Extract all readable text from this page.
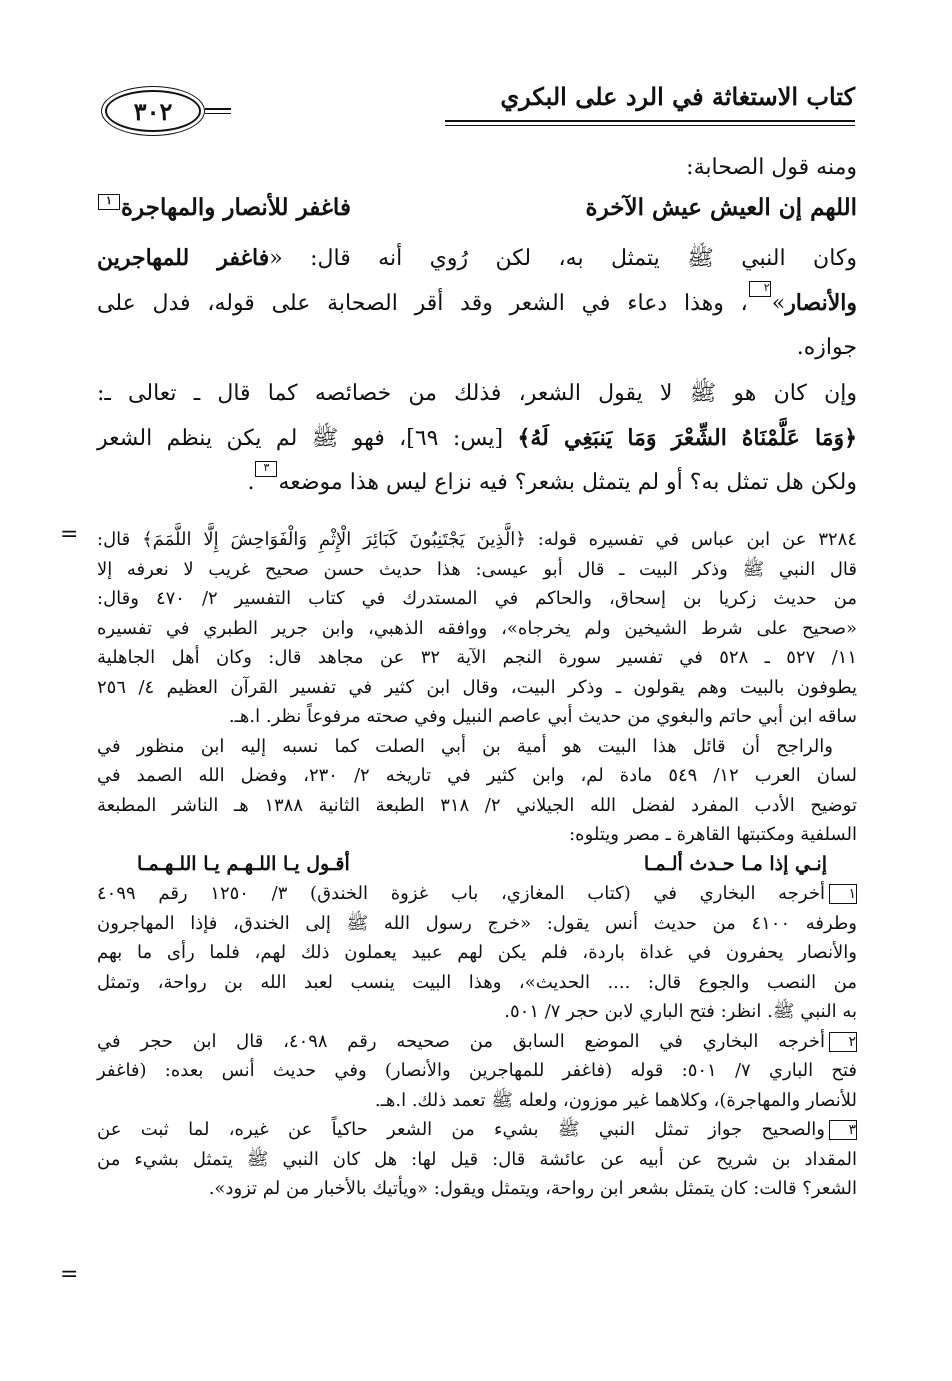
كتاب الاستغاثة في الرد على البكري
٣٠٢
ومنه قول الصحابة:
اللهم إن العيش عيش الآخرة
فاغفر للأنصار والمهاجرة١
وكان النبي ﷺ يتمثل به، لكن رُوي أنه قال: «فاغفر للمهاجرين
والأنصار»٢، وهذا دعاء في الشعر وقد أقر الصحابة على قوله، فدل على
جوازه.
وإن كان هو ﷺ لا يقول الشعر، فذلك من خصائصه كما قال ـ تعالى ـ:
﴿وَمَا عَلَّمْنَاهُ الشِّعْرَ وَمَا يَنبَغِي لَهُ﴾ [يس: ٦٩]، فهو ﷺ لم يكن ينظم الشعر
ولكن هل تمثل به؟ أو لم يتمثل بشعر؟ فيه نزاع ليس هذا موضعه٣.
= ٣٢٨٤ عن ابن عباس في تفسيره قوله: ﴿الَّذِينَ يَجْتَنِبُونَ كَبَائِرَ الْإِثْمِ وَالْفَوَاحِشَ إِلَّا اللَّمَمَ﴾ قال:
قال النبي ﷺ وذكر البيت ـ قال أبو عيسى: هذا حديث حسن صحيح غريب لا نعرفه إلا
من حديث زكريا بن إسحاق، والحاكم في المستدرك في كتاب التفسير ٢/ ٤٧٠ وقال:
«صحيح على شرط الشيخين ولم يخرجاه»، ووافقه الذهبي، وابن جرير الطبري في تفسيره
١١/ ٥٢٧ ـ ٥٢٨ في تفسير سورة النجم الآية ٣٢ عن مجاهد قال: وكان أهل الجاهلية
يطوفون بالبيت وهم يقولون ـ وذكر البيت، وقال ابن كثير في تفسير القرآن العظيم ٤/ ٢٥٦
ساقه ابن أبي حاتم والبغوي من حديث أبي عاصم النبيل وفي صحته مرفوعاً نظر. ا.هـ.
والراجح أن قائل هذا البيت هو أمية بن أبي الصلت كما نسبه إليه ابن منظور في
لسان العرب ١٢/ ٥٤٩ مادة لم، وابن كثير في تاريخه ٢/ ٢٣٠، وفضل الله الصمد في
توضيح الأدب المفرد لفضل الله الجيلاني ٢/ ٣١٨ الطبعة الثانية ١٣٨٨ هـ الناشر المطبعة
السلفية ومكتبتها القاهرة ـ مصر ويتلوه:
إنـي إذا مـا حـدث ألـمـا
أقـول يـا اللـهـم يـا اللـهـمـا
١أخرجه البخاري في (كتاب المغازي، باب غزوة الخندق) ٣/ ١٢٥٠ رقم ٤٠٩٩
وطرفه ٤١٠٠ من حديث أنس يقول: «خرج رسول الله ﷺ إلى الخندق، فإذا المهاجرون
والأنصار يحفرون في غداة باردة، فلم يكن لهم عبيد يعملون ذلك لهم، فلما رأى ما بهم
من النصب والجوع قال: .... الحديث»، وهذا البيت ينسب لعبد الله بن رواحة، وتمثل
به النبي ﷺ. انظر: فتح الباري لابن حجر ٧/ ٥٠١.
٢أخرجه البخاري في الموضع السابق من صحيحه رقم ٤٠٩٨، قال ابن حجر في
فتح الباري ٧/ ٥٠١: قوله (فاغفر للمهاجرين والأنصار) وفي حديث أنس بعده: (فاغفر
للأنصار والمهاجرة)، وكلاهما غير موزون، ولعله ﷺ تعمد ذلك. ا.هـ.
٣والصحيح جواز تمثل النبي ﷺ بشيء من الشعر حاكياً عن غيره، لما ثبت عن
المقداد بن شريح عن أبيه عن عائشة قال: قيل لها: هل كان النبي ﷺ يتمثل بشيء من
الشعر؟ قالت: كان يتمثل بشعر ابن رواحة، ويتمثل ويقول: «ويأتيك بالأخبار من لم تزود».
=
